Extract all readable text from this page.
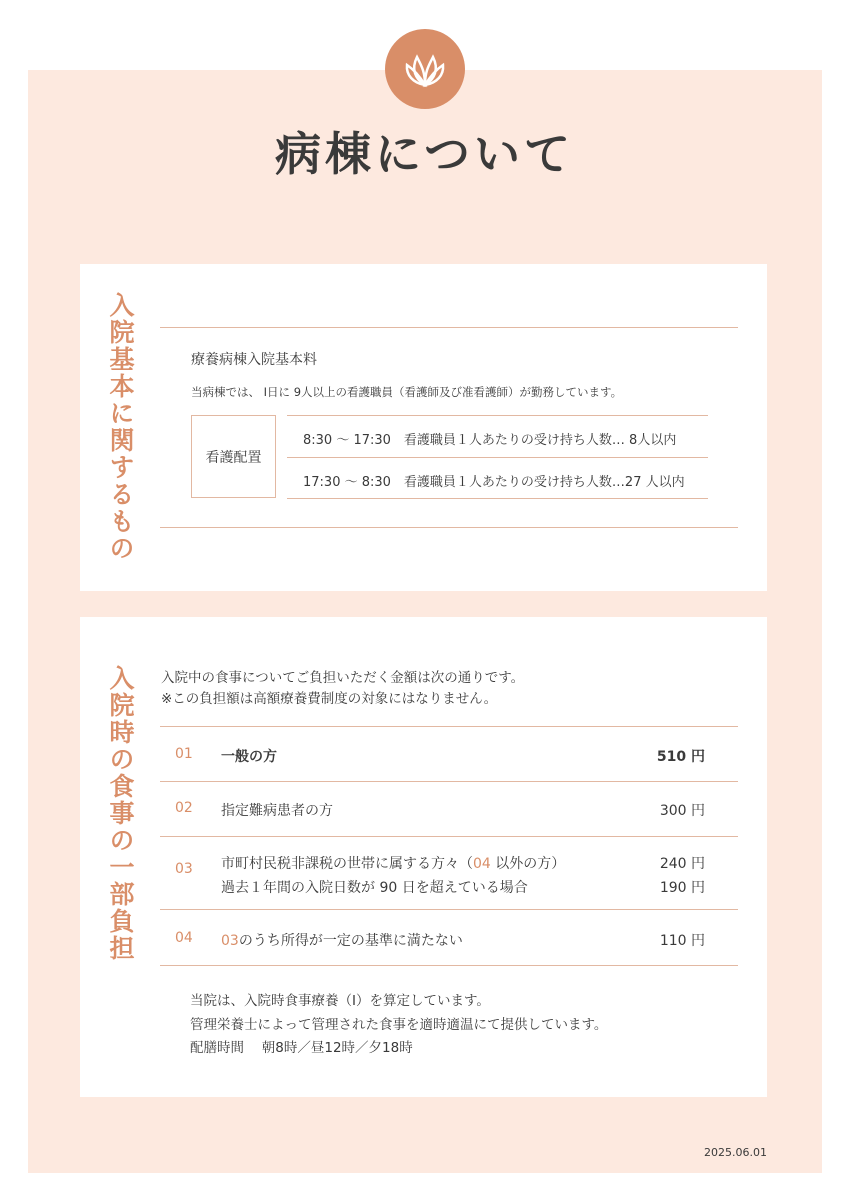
病棟について
入院基本に関するもの	療養病棟入院基本料
当病棟では、 I日に 9人以上の看護職員（看護師及び准看護師）が勤務しています。
看護配置
8:30 〜 17:30　看護職員１人あたりの受け持ち人数… 8人以内
17:30 〜 8:30　看護職員１人あたりの受け持ち人数…27 人以内
入院時の食事の一部負担 入院中の食事についてご負担いただく金額は次の通りです。
※この負担額は高額療養費制度の対象にはなりません。
01 一般の方	510 円
02 指定難病患者の方	300 円
03 市町村民税非課税の世帯に属する方々（04 以外の方）	240 円
過去１年間の入院日数が 90 日を超えている場合	190 円
04 03のうち所得が一定の基準に満たない	110 円
当院は、入院時食事療養（I）を算定しています。
管理栄養士によって管理された食事を適時適温にて提供しています。
配膳時間　 朝8時／昼12時／夕18時
2025.06.01
